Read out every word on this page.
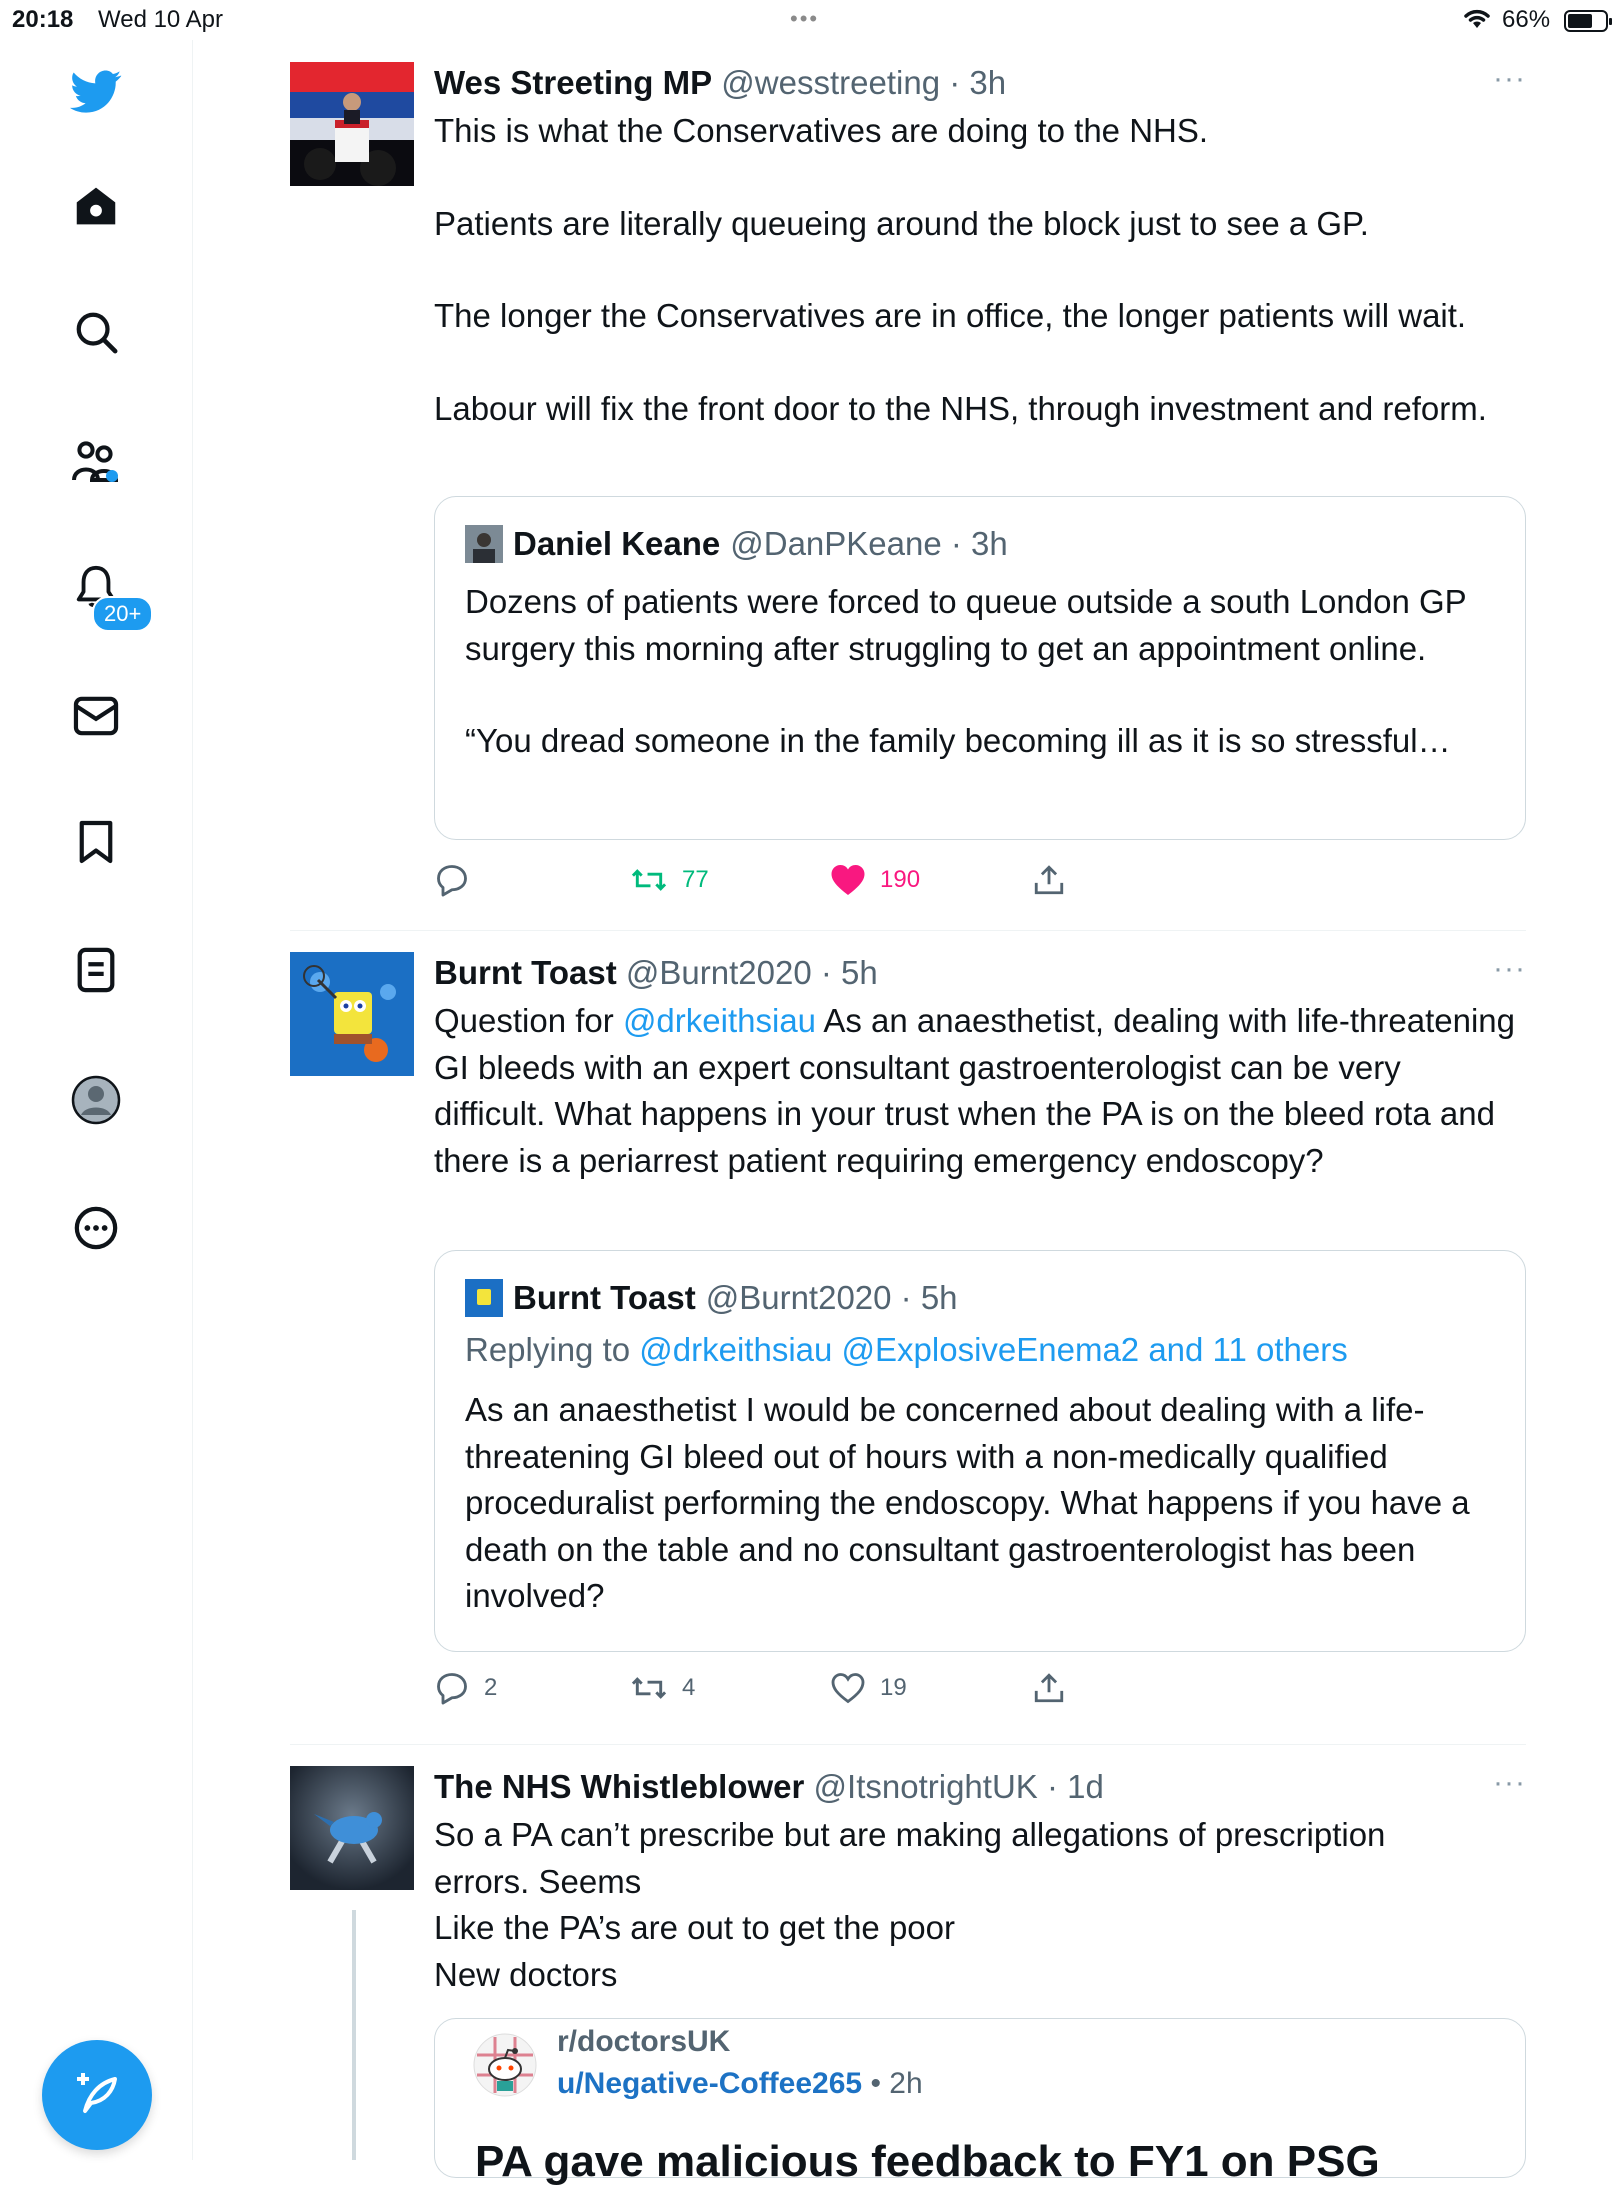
20:18 Wed 10 Apr	•••	66%
20+
Wes Streeting MP @wesstreeting · 3h	···
This is what the Conservatives are doing to the NHS.
Patients are literally queueing around the block just to see a GP.
The longer the Conservatives are in office, the longer patients will wait.
Labour will fix the front door to the NHS, through investment and reform.
Daniel Keane @DanPKeane · 3h
Dozens of patients were forced to queue outside a south London GP surgery this morning after struggling to get an appointment online.
“You dread someone in the family becoming ill as it is so stressful…
77	190
Burnt Toast @Burnt2020 · 5h	···
Question for @drkeithsiau As an anaesthetist, dealing with life-threatening GI bleeds with an expert consultant gastroenterologist can be very difficult. What happens in your trust when the PA is on the bleed rota and there is a periarrest patient requiring emergency endoscopy?
Burnt Toast @Burnt2020 · 5h
Replying to @drkeithsiau @ExplosiveEnema2 and 11 others
As an anaesthetist I would be concerned about dealing with a life-threatening GI bleed out of hours with a non-medically qualified proceduralist performing the endoscopy. What happens if you have a death on the table and no consultant gastroenterologist has been involved?
2	4	19
The NHS Whistleblower @ItsnotrightUK · 1d	···
So a PA can’t prescribe but are making allegations of prescription errors. Seems
Like the PA’s are out to get the poor
New doctors
r/doctorsUK
u/Negative-Coffee265 • 2h
PA gave malicious feedback to FY1 on PSG
